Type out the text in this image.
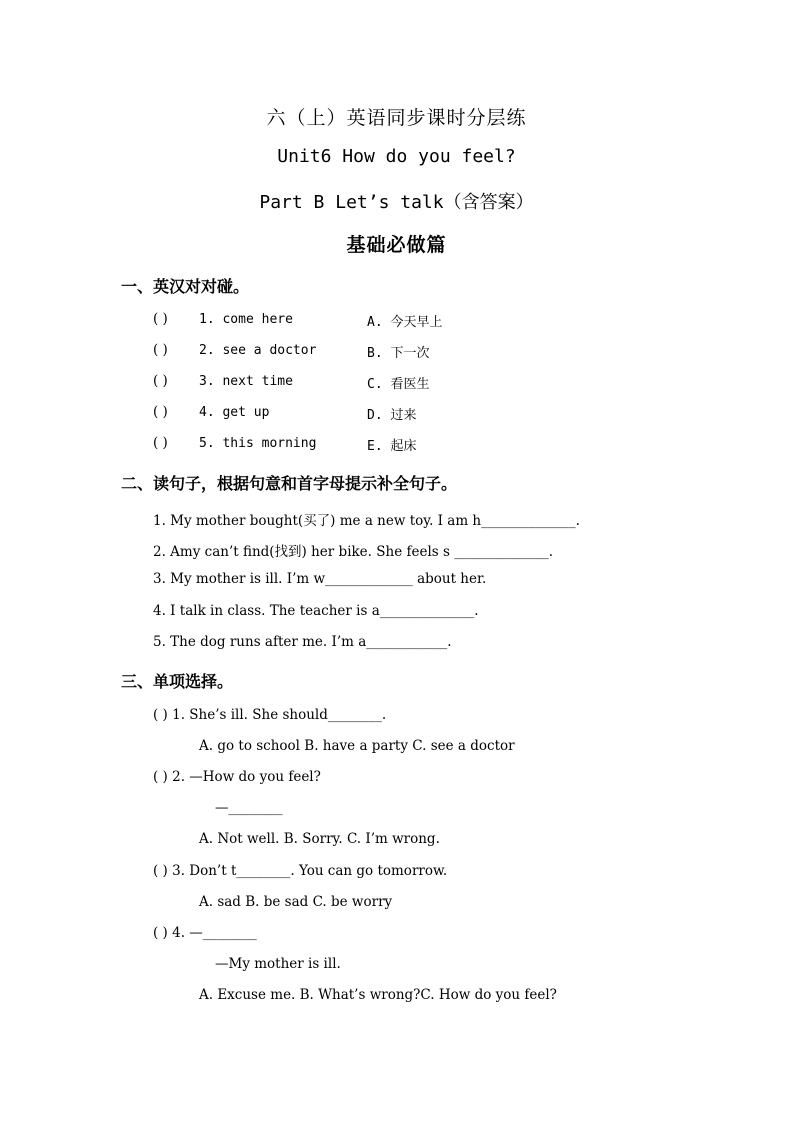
六（上）英语同步课时分层练
Unit6 How do you feel?
Part B Let’s talk（含答案）
基础必做篇
一、英汉对对碰。
( ) 1. come here	A. 今天早上
( ) 2. see a doctor	B. 下一次
( ) 3. next time	C. 看医生
( ) 4. get up	D. 过来
( ) 5. this morning	E. 起床
二、读句子，根据句意和首字母提示补全句子。
1. My mother bought(买了) me a new toy. I am h______________.
2. Amy can’t find(找到) her bike. She feels s ______________.
3. My mother is ill. I’m w_____________ about her.
4. I talk in class. The teacher is a______________.
5. The dog runs after me. I’m a____________.
三、单项选择。
( ) 1. She’s ill. She should________.
A. go to school B. have a party C. see a doctor
( ) 2. —How do you feel?
—________
A. Not well. B. Sorry. C. I’m wrong.
( ) 3. Don’t t________. You can go tomorrow.
A. sad B. be sad C. be worry
( ) 4. —________
—My mother is ill.
A. Excuse me. B. What’s wrong?C. How do you feel?
